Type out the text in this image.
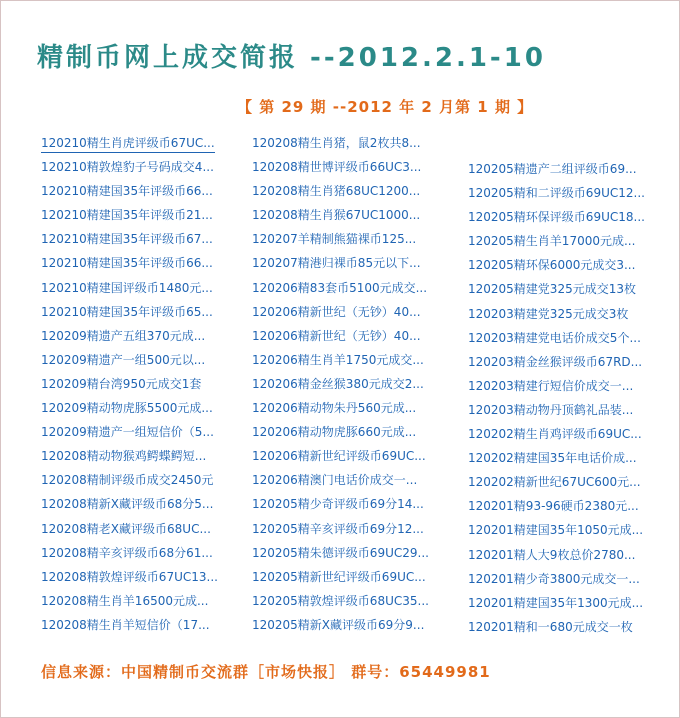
精制币网上成交简报 --2012.2.1-10
【 第 29 期 --2012 年 2 月第 1 期 】
120210精生肖虎评级币67UC...
120210精敦煌豹子号码成交4...
120210精建国35年评级币66...
120210精建国35年评级币21...
120210精建国35年评级币67...
120210精建国35年评级币66...
120210精建国评级币1480元...
120210精建国35年评级币65...
120209精遗产五组370元成...
120209精遗产一组500元以...
120209精台湾950元成交1套
120209精动物虎豚5500元成...
120209精遗产一组短信价（5...
120208精动物猴鸡鳄蝶鳄短...
120208精制评级币成交2450元
120208精新X藏评级币68分5...
120208精老X藏评级币68UC...
120208精辛亥评级币68分61...
120208精敦煌评级币67UC13...
120208精生肖羊16500元成...
120208精生肖羊短信价（17...
120208精生肖猪，鼠2枚共8...
120208精世博评级币66UC3...
120208精生肖猪68UC1200...
120208精生肖猴67UC1000...
120207羊精制熊猫裸币125...
120207精港归裸币85元以下...
120206精83套币5100元成交...
120206精新世纪（无钞）40...
120206精新世纪（无钞）40...
120206精生肖羊1750元成交...
120206精金丝猴380元成交2...
120206精动物朱丹560元成...
120206精动物虎豚660元成...
120206精新世纪评级币69UC...
120206精澳门电话价成交一...
120205精少奇评级币69分14...
120205精辛亥评级币69分12...
120205精朱德评级币69UC29...
120205精新世纪评级币69UC...
120205精敦煌评级币68UC35...
120205精新X藏评级币69分9...
120205精遗产二组评级币69...
120205精和二评级币69UC12...
120205精环保评级币69UC18...
120205精生肖羊17000元成...
120205精环保6000元成交3...
120205精建党325元成交13枚
120203精建党325元成交3枚
120203精建党电话价成交5个...
120203精金丝猴评级币67RD...
120203精建行短信价成交一...
120203精动物丹顶鹤礼品装...
120202精生肖鸡评级币69UC...
120202精建国35年电话价成...
120202精新世纪67UC600元...
120201精93-96硬币2380元...
120201精建国35年1050元成...
120201精人大9枚总价2780...
120201精少奇3800元成交一...
120201精建国35年1300元成...
120201精和一680元成交一枚
信息来源：中国精制币交流群［市场快报］ 群号：65449981
